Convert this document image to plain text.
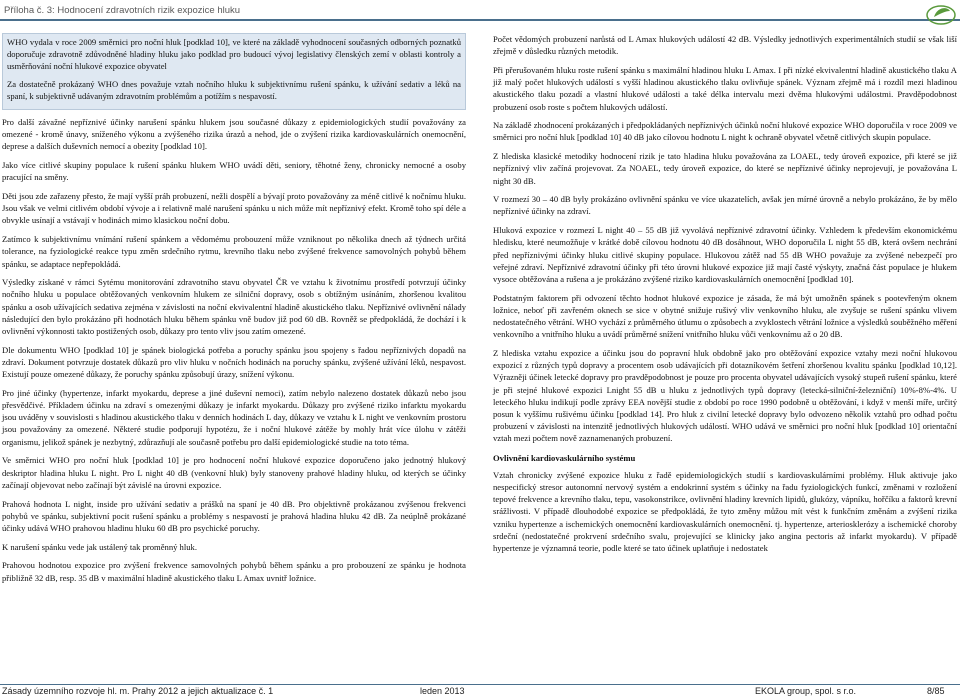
Příloha č. 3: Hodnocení zdravotních rizik expozice hluku

WHO vydala v roce 2009 směrnici pro noční hluk [podklad 10], ve které na základě vyhodnocení současných odborných poznatků doporučuje zdravotně zdůvodněné hladiny hluku jako podklad pro budoucí vývoj legislativy členských zemí v oblasti kontroly a usměrňování noční hlukové expozice obyvatel

Za dostatečně prokázaný WHO dnes považuje vztah nočního hluku k subjektivnímu rušení spánku, k užívání sedativ a léků na spaní, k subjektivně udávaným zdravotním problémům a potížím s nespavostí.

Pro další závažné nepříznivé účinky narušení spánku hlukem jsou současné důkazy z epidemiologických studií považovány za omezené - kromě únavy, sníženého výkonu a zvýšeného rizika úrazů a nehod, jde o zvýšení rizika kardiovaskulárních onemocnění, deprese a dalších duševních nemocí a obezity [podklad 10].

Jako více citlivé skupiny populace k rušení spánku hlukem WHO uvádí děti, seniory, těhotné ženy, chronicky nemocné a osoby pracující na směny.

Děti jsou zde zařazeny přesto, že mají vyšší práh probuzení, nežli dospělí a bývají proto považovány za méně citlivé k nočnímu hluku. Jsou však ve velmi citlivém období vývoje a i relativně malé narušení spánku u nich může mít nepříznivý efekt. Kromě toho spí déle a obvykle usínají a vstávají v hodinách mimo klasickou noční dobu.

Zatímco k subjektivnímu vnímání rušení spánkem a vědomému probouzení může vzniknout po několika dnech až týdnech určitá tolerance, na fyziologické reakce typu změn srdečního rytmu, krevního tlaku nebo zvýšené frekvence samovolných pohybů během spánku, se adaptace nepřepokládá.

Výsledky získané v rámci Sytému monitorování zdravotního stavu obyvatel ČR ve vztahu k životnímu prostředí potvrzují účinky nočního hluku u populace obtěžovaných venkovním hlukem ze silniční dopravy, osob s obtížným usínáním, zhoršenou kvalitou spánku a osob užívajících sedativa zejména v závislosti na noční ekvivalentní hladině akustického tlaku. Nepříznivé ovlivnění nálady následující den bylo prokázáno při hodnotách hluku během spánku vně budov již pod 60 dB. Rovněž se předpokládá, že dochází i k ovlivnění výkonnosti takto postižených osob, důkazy pro tento vliv jsou zatím omezené.

Dle dokumentu WHO [podklad 10] je spánek biologická potřeba a poruchy spánku jsou spojeny s řadou nepříznivých dopadů na zdraví. Dokument potvrzuje dostatek důkazů pro vliv hluku v nočních hodinách na poruchy spánku, zvýšené užívání léků, nespavost. Existují pouze omezené důkazy, že poruchy spánku způsobují úrazy, snížení výkonu.

Pro jiné účinky (hypertenze, infarkt myokardu, deprese a jiné duševní nemoci), zatím nebylo nalezeno dostatek důkazů nebo jsou přesvědčivé. Příkladem účinku na zdraví s omezenými důkazy je infarkt myokardu. Důkazy pro zvýšené riziko infarktu myokardu jsou uváděny v souvislosti s hladinou akustického tlaku v denních hodinách L day, důkazy ve vztahu k L night ve venkovním prostoru jsou považovány za omezené. Některé studie podporují hypotézu, že i noční hlukové zátěže by mohly hrát více úlohu v zátěži organismu, jelikož spánek je nezbytný, zdůrazňují ale současně potřebu pro další epidemiologické studie na toto téma.

Ve směrnici WHO pro noční hluk [podklad 10] je pro hodnocení noční hlukové expozice doporučeno jako jednotný hlukový deskriptor hladina hluku L night. Pro L night 40 dB (venkovní hluk) byly stanoveny prahové hladiny hluku, od kterých se účinky začínají objevovat nebo začínají být závislé na úrovni expozice.

Prahová hodnota L night, inside pro užívání sedativ a prášků na spaní je 40 dB. Pro objektivně prokázanou zvýšenou frekvenci pohybů ve spánku, subjektivní pocit rušení spánku a problémy s nespavostí je prahová hladina hluku 42 dB. Za neúplně prokázané účinky udává WHO prahovou hladinu hluku 60 dB pro psychické poruchy.

K narušení spánku vede jak ustálený tak proměnný hluk.

Prahovou hodnotou expozice pro zvýšení frekvence samovolných pohybů během spánku a pro probouzení ze spánku je hodnota přibližně 32 dB, resp. 35 dB v maximální hladině akustického tlaku L Amax uvnitř ložnice.

Počet vědomých probuzení narůstá od L Amax hlukových událostí 42 dB. Výsledky jednotlivých experimentálních studií se však liší zřejmě v důsledku různých metodik.

Při přerušovaném hluku roste rušení spánku s maximální hladinou hluku L Amax. I při nízké ekvivalentní hladině akustického tlaku A již malý počet hlukových událostí s vyšší hladinou akustického tlaku ovlivňuje spánek. Význam zřejmě má i rozdíl mezi hladinou akustického tlaku pozadí a vlastní hlukové události a také délka intervalu mezi dvěma hlukovými událostmi. Pravděpodobnost probuzení osob roste s počtem hlukových událostí.

Na základě zhodnocení prokázaných i předpokládaných nepříznivých účinků noční hlukové expozice WHO doporučila v roce 2009 ve směrnici pro noční hluk [podklad 10] 40 dB jako cílovou hodnotu L night k ochraně obyvatel včetně citlivých skupin populace.

Z hlediska klasické metodiky hodnocení rizik je tato hladina hluku považována za LOAEL, tedy úroveň expozice, při které se již nepříznivý vliv začíná projevovat. Za NOAEL, tedy úroveň expozice, do které se nepříznivé účinky neprojevují, je považována L night 30 dB.

V rozmezí 30 – 40 dB byly prokázáno ovlivnění spánku ve více ukazatelích, avšak jen mírné úrovně a nebylo prokázáno, že by mělo nepříznivé účinky na zdraví.

Hluková expozice v rozmezí L night 40 – 55 dB již vyvolává nepříznivé zdravotní účinky. Vzhledem k především ekonomickému hledisku, které neumožňuje v krátké době cílovou hodnotu 40 dB dosáhnout, WHO doporučila L night 55 dB, která ovšem nechrání před nepříznivými účinky hluku citlivé skupiny populace. Hlukovou zátěž nad 55 dB WHO považuje za zvýšené nebezpečí pro veřejné zdraví. Nepříznivé zdravotní účinky při této úrovni hlukové expozice již mají časté výskyty, značná část populace je hlukem vysoce obtěžována a rušena a je prokázáno zvýšené riziko kardiovaskulárních onemocnění [podklad 10].

Podstatným faktorem při odvození těchto hodnot hlukové expozice je zásada, že má být umožněn spánek s pootevřeným oknem ložnice, neboť při zavřeném oknech se sice v obytné snižuje rušivý vliv venkovního hluku, ale zvyšuje se rušení spánku vlivem nedostatečného větrání. WHO vychází z průměrného útlumu o způsobech a zvyklostech větrání ložnice a výsledků souběžného měření venkovního a vnitřního hluku a uvádí průměrné snížení vnitřního hluku vůči venkovnímu až o 20 dB.

Z hlediska vztahu expozice a účinku jsou do popravní hluk obdobně jako pro obtěžování expozice vztahy mezi noční hlukovou expozicí z různých typů dopravy a procentem osob udávajících při dotazníkovém šetření zhoršenou kvalitu spánku [podklad 10,12]. Výrazněji účinek letecké dopravy pro pravděpodobnost je pouze pro procenta obyvatel udávajících vysoký stupeň rušení spánku, které je při stejné hlukové expozici Lnight 55 dB u hluku z jednotlivých typů dopravy (letecká-silniční-železniční) 10%-8%-4%. U leteckého hluku indikují podle zprávy EEA novější studie z období po roce 1990 podobně u obtěžování, i když v menší míře, určitý posun k vyššímu rušivému účinku [podklad 14]. Pro hluk z civilní letecké dopravy bylo odvozeno několik vztahů pro odhad počtu probuzení v závislosti na intenzitě jednotlivých hlukových událostí. WHO udává ve směrnici pro noční hluk [podklad 10] orientační vztah mezi počtem nově zaznamenaných probuzení.

Ovlivnění kardiovaskulárního systému

Vztah chronicky zvýšené expozice hluku z řadě epidemiologických studií s kardiovaskulárními problémy. Hluk aktivuje jako nespecifický stresor autonomní nervový systém a endokrinní systém s účinky na řadu fyziologických funkcí, změnami v rozložení tepové frekvence a krevního tlaku, tepu, vasokonstrikce, ovlivnění hladiny krevních lipidů, glukózy, vápníku, hořčíku a faktorů krevní srážlivosti. V případě dlouhodobé expozice se předpokládá, že tyto změny můžou mít vést k funkčním změnám a zvýšení rizika vzniku hypertenze a ischemických onemocnění kardiovaskulárních onemocnění. tj. hypertenze, arteriosklerózy a ischemické choroby srdeční (nedostatečné prokrvení srdečního svalu, projevující se klinicky jako angina pectoris až infarkt myokardu). V případě hypertenze je významná teorie, podle které se tato účinek uplatňuje i nedostatek

Zásady územního rozvoje hl. m. Prahy 2012 a jejich aktualizace č. 1	leden 2013	EKOLA group, spol. s r.o.	8/85
